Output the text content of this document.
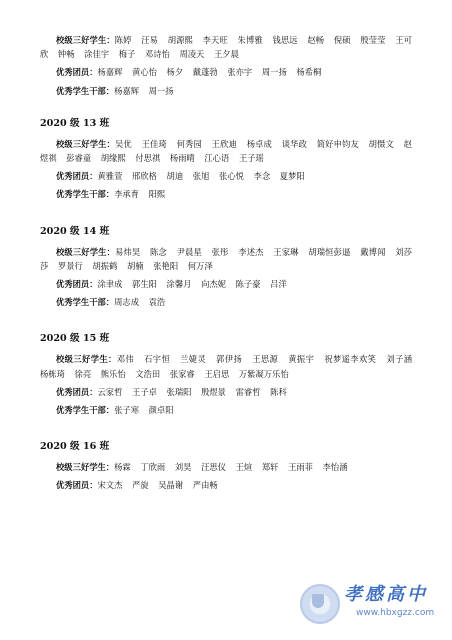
校级三好学生：陈婷 汪易 胡源熙 李天旺 朱博雅 钱思远 赵畅 倪硕 殷莹莹 王可欣 钟畅 涂佳宇 梅子 邓诗怡 周凌天 王夕晨
优秀团员：杨嘉辉 黄心怡 杨夕 戴蓬勃 张亦宇 周一扬 杨希桐
优秀学生干部：杨嘉辉 周一扬
2020 级 13 班
校级三好学生：吴优 王佳琦 何秀园 王欣迪 杨卓成 谈华政 简好申钧友 胡慑文 赵煜祺 彭睿童 胡缘熙 付思祺 杨雨晴 江心语 王子瑶
优秀团员：黄雅萱 邢欣格 胡迪 张旭 张心悦 李念 夏梦阳
优秀学生干部：李承育 阳熙
2020 级 14 班
校级三好学生：易炜昊 陈念 尹晨星 张彤 李述杰 王家琳 胡瑞恒彭逼 戴博闻 刘莎莎 罗景行 胡振鹤 胡楠 张艳阳 何万泽
优秀团员：涂聿成 郭生阳 涂馨月 向杰妮 陈子豪 吕洋
优秀学生干部：周志成 袁浩
2020 级 15 班
校级三好学生：邓伟 石宇恒 兰婕灵 郭伊扬 王思源 黄振宇 祝梦遥李欢笑 刘子涵 杨栋琦 徐亮 熊乐怡 文浩田 张家睿 王启思 万紫凝万乐怡
优秀团员：云家哲 王子卓 张瑞阳 殷煜景 雷睿哲 陈科
优秀学生干部：张子寒 颜卓阳
2020 级 16 班
校级三好学生：杨霖 丁欣雨 刘昊 汪思仪 王煊 郑轩 王雨菲 李怡涵
优秀团员：宋文杰 严旋 吴晶谢 严由畅
孝感高中
www.hbxgzz.com
